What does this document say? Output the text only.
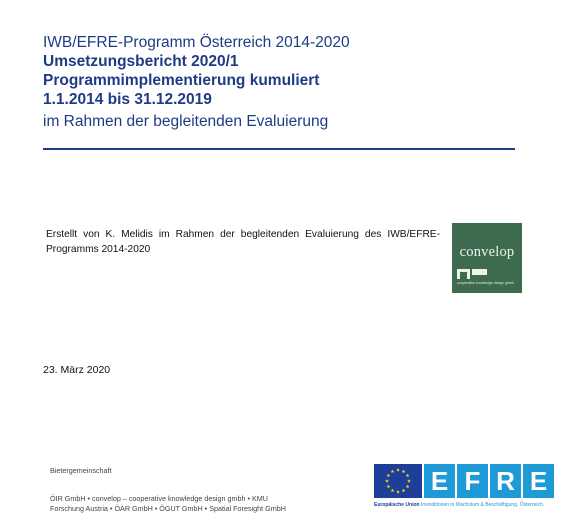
IWB/EFRE-Programm Österreich 2014-2020
Umsetzungsbericht 2020/1
Programmimplementierung kumuliert
1.1.2014 bis 31.12.2019
im Rahmen der begleitenden Evaluierung
Erstellt von K. Melidis im Rahmen der begleitenden Evaluierung des IWB/EFRE-Programms 2014-2020	convelop
cooperative knowledge design gmbh
23. März 2020
Bietergemeinschaft
ÖIR GmbH • convelop – cooperative knowledge design gmbh • KMU
Forschung Austria • ÖAR GmbH • ÖGUT GmbH • Spatial Foresight GmbH
E F R E
Europäische Union Investitionen in Wachstum & Beschäftigung. Österreich.
